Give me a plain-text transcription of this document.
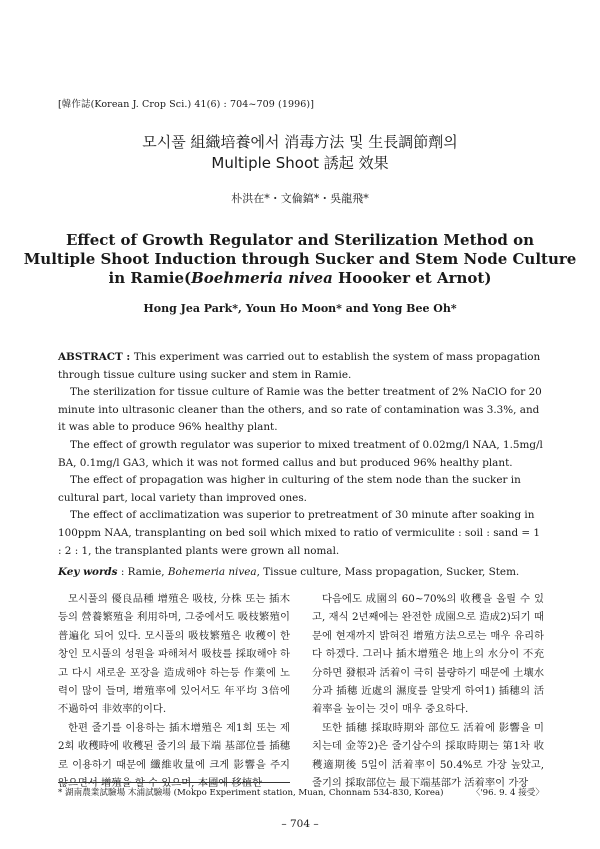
[韓作誌(Korean J. Crop Sci.) 41(6) : 704~709 (1996)]
모시풀 組織培養에서 消毒方法 및 生長調節劑의
Multiple Shoot 誘起 效果
朴洪在*・文倫鎬*・吳龍飛*
Effect of Growth Regulator and Sterilization Method on
Multiple Shoot Induction through Sucker and Stem Node Culture
in Ramie(Boehmeria nivea Hoooker et Arnot)
Hong Jea Park*, Youn Ho Moon* and Yong Bee Oh*

ABSTRACT : This experiment was carried out to establish the system of mass propagation through tissue culture using sucker and stem in Ramie.

The sterilization for tissue culture of Ramie was the better treatment of 2% NaClO for 20 minute into ultrasonic cleaner than the others, and so rate of contamination was 3.3%, and it was able to produce 96% healthy plant.

The effect of growth regulator was superior to mixed treatment of 0.02mg/l NAA, 1.5mg/l BA, 0.1mg/l GA3, which it was not formed callus and but produced 96% healthy plant.

The effect of propagation was higher in culturing of the stem node than the sucker in cultural part, local variety than improved ones.

The effect of acclimatization was superior to pretreatment of 30 minute after soaking in 100ppm NAA, transplanting on bed soil which mixed to ratio of vermiculite : soil : sand = 1 : 2 : 1, the transplanted plants were grown all nomal.

Key words : Ramie, Bohemeria nivea, Tissue culture, Mass propagation, Sucker, Stem.

모시풀의 優良品種 增殖은 吸枝, 分株 또는 插木등의 營養繁殖을 利用하며, 그중에서도 吸枝繁殖이 普遍化 되어 있다. 모시풀의 吸枝繁殖은 收穫이 한창인 모시풀의 성원을 파해쳐서 吸枝를 採取해야 하고 다시 새로운 포장을 造成해야 하는등 作業에 노력이 많이 들며, 增殖率에 있어서도 年平均 3倍에 不過하여 非效率的이다.

한편 줄기를 이용하는 插木增殖은 제1회 또는 제2회 收穫時에 收穫된 줄기의 最下端 基部位를 插穗로 이용하기 때문에 纖維收量에 크게 影響을 주지 않으면서 增殖을 할 수 있으며, 本圃에 移植한

다음에도 成園의 60~70%의 收穫을 올릴 수 있고, 재식 2년째에는 완전한 成園으로 造成2)되기 때문에 현재까지 밝혀진 增殖方法으로는 매우 유리하다 하겠다. 그러나 插木增殖은 地上의 水分이 不充分하면 發根과 活着이 극히 불량하기 때문에 土壤水分과 插穗 近處의 濕度를 알맞게 하여1) 插穗의 活着率을 높이는 것이 매우 중요하다.

또한 插穗 採取時期와 部位도 活着에 影響을 미치는데 金等2)은 줄기삽수의 採取時期는 第1차 收穫適期後 5일이 活着率이 50.4%로 가장 높았고, 줄기의 採取部位는 最下端基部가 活着率이 가장

* 湖南農業試驗場 木浦試驗場 (Mokpo Experiment station, Muan, Chonnam 534-830, Korea)	〈'96. 9. 4 接受〉
– 704 –
